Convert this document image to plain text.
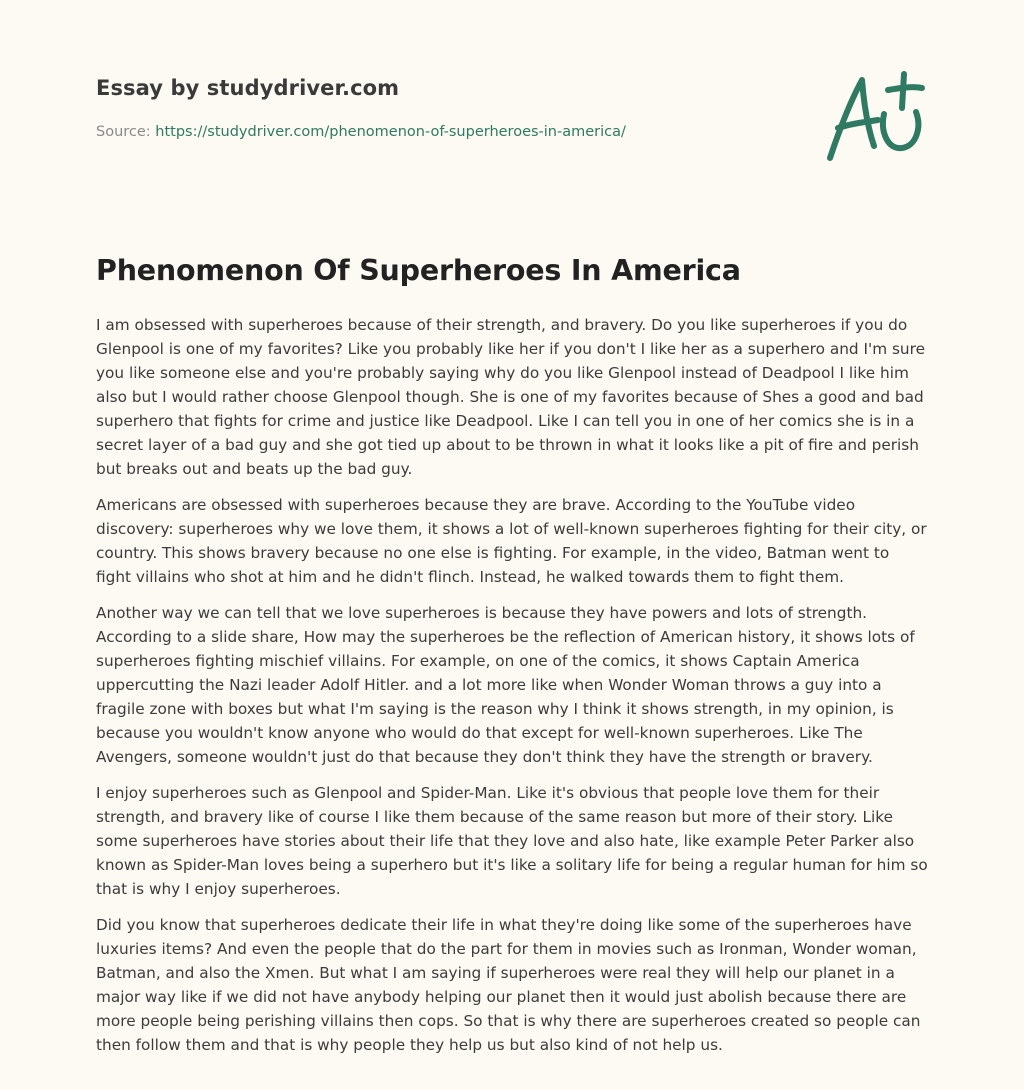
Essay by studydriver.com
Source: https://studydriver.com/phenomenon-of-superheroes-in-america/
Phenomenon Of Superheroes In America

I am obsessed with superheroes because of their strength, and bravery. Do you like superheroes if you do Glenpool is one of my favorites? Like you probably like her if you don't I like her as a superhero and I'm sure you like someone else and you're probably saying why do you like Glenpool instead of Deadpool I like him also but I would rather choose Glenpool though. She is one of my favorites because of Shes a good and bad superhero that fights for crime and justice like Deadpool. Like I can tell you in one of her comics she is in a secret layer of a bad guy and she got tied up about to be thrown in what it looks like a pit of fire and perish but breaks out and beats up the bad guy.

Americans are obsessed with superheroes because they are brave. According to the YouTube video discovery: superheroes why we love them, it shows a lot of well-known superheroes fighting for their city, or country. This shows bravery because no one else is fighting. For example, in the video, Batman went to fight villains who shot at him and he didn't flinch. Instead, he walked towards them to fight them.

Another way we can tell that we love superheroes is because they have powers and lots of strength. According to a slide share, How may the superheroes be the reflection of American history, it shows lots of superheroes fighting mischief villains. For example, on one of the comics, it shows Captain America uppercutting the Nazi leader Adolf Hitler. and a lot more like when Wonder Woman throws a guy into a fragile zone with boxes but what I'm saying is the reason why I think it shows strength, in my opinion, is because you wouldn't know anyone who would do that except for well-known superheroes. Like The Avengers, someone wouldn't just do that because they don't think they have the strength or bravery.

I enjoy superheroes such as Glenpool and Spider-Man. Like it's obvious that people love them for their strength, and bravery like of course I like them because of the same reason but more of their story. Like some superheroes have stories about their life that they love and also hate, like example Peter Parker also known as Spider-Man loves being a superhero but it's like a solitary life for being a regular human for him so that is why I enjoy superheroes.

Did you know that superheroes dedicate their life in what they're doing like some of the superheroes have luxuries items? And even the people that do the part for them in movies such as Ironman, Wonder woman, Batman, and also the Xmen. But what I am saying if superheroes were real they will help our planet in a major way like if we did not have anybody helping our planet then it would just abolish because there are more people being perishing villains then cops. So that is why there are superheroes created so people can then follow them and that is why people they help us but also kind of not help us.
